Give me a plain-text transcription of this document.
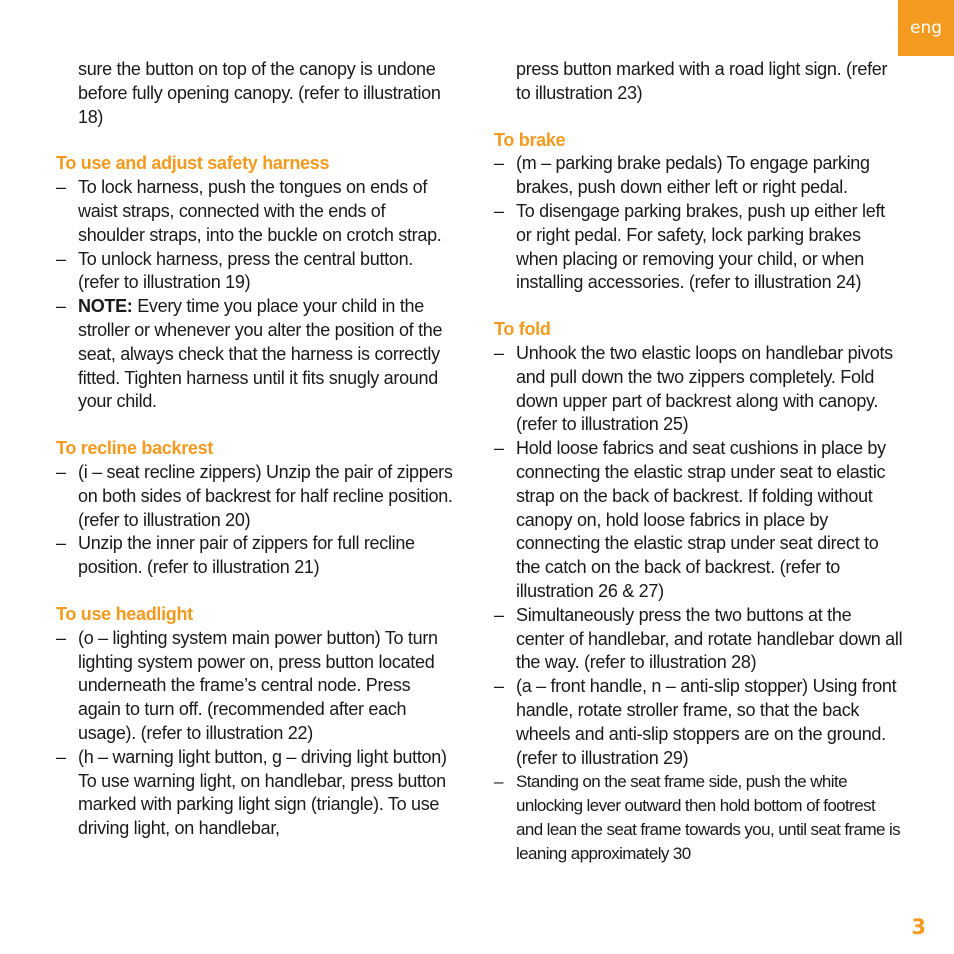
eng

sure the button on top of the canopy is undone before fully opening canopy. (refer to illustration 18)

To use and adjust safety harness
– To lock harness, push the tongues on ends of waist straps, connected with the ends of shoulder straps, into the buckle on crotch strap.
– To unlock harness, press the central button. (refer to illustration 19)
– NOTE: Every time you place your child in the stroller or whenever you alter the position of the seat, always check that the harness is correctly fitted. Tighten harness until it fits snugly around your child.
To recline backrest
– (i – seat recline zippers) Unzip the pair of zippers on both sides of backrest for half recline position. (refer to illustration 20)
– Unzip the inner pair of zippers for full recline position. (refer to illustration 21)
To use headlight
– (o – lighting system main power button) To turn lighting system power on, press button located underneath the frame’s central node. Press again to turn off. (recommended after each usage). (refer to illustration 22)
– (h – warning light button, g – driving light button) To use warning light, on handlebar, press button marked with parking light sign (triangle). To use driving light, on handlebar,

press button marked with a road light sign. (refer to illustration 23)

To brake
– (m – parking brake pedals) To engage parking brakes, push down either left or right pedal.
– To disengage parking brakes, push up either left or right pedal. For safety, lock parking brakes when placing or removing your child, or when installing accessories. (refer to illustration 24)
To fold
– Unhook the two elastic loops on handlebar pivots and pull down the two zippers completely. Fold down upper part of backrest along with canopy. (refer to illustration 25)
– Hold loose fabrics and seat cushions in place by connecting the elastic strap under seat to elastic strap on the back of backrest. If folding without canopy on, hold loose fabrics in place by connecting the elastic strap under seat direct to the catch on the back of backrest. (refer to illustration 26 & 27)
– Simultaneously press the two buttons at the center of handlebar, and rotate handlebar down all the way. (refer to illustration 28)
– (a – front handle, n – anti-slip stopper) Using front handle, rotate stroller frame, so that the back wheels and anti-slip stoppers are on the ground. (refer to illustration 29)
– Standing on the seat frame side, push the white unlocking lever outward then hold bottom of footrest and lean the seat frame towards you, until seat frame is leaning approximately 30
3
